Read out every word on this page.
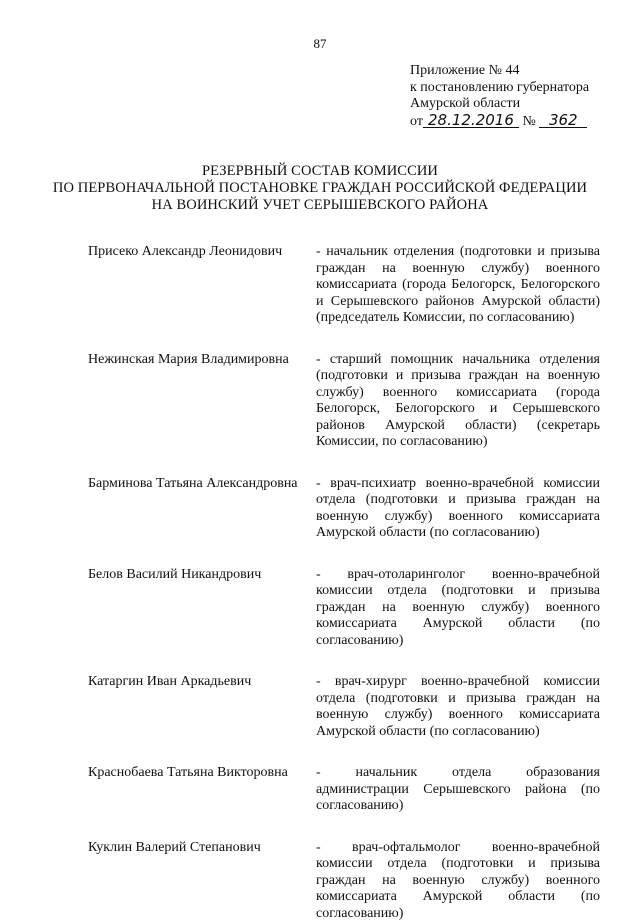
87
Приложение № 44
к постановлению губернатора
Амурской области
от 28.12.2016 № 362
РЕЗЕРВНЫЙ СОСТАВ КОМИССИИ
ПО ПЕРВОНАЧАЛЬНОЙ ПОСТАНОВКЕ ГРАЖДАН РОССИЙСКОЙ ФЕДЕРАЦИИ
НА ВОИНСКИЙ УЧЕТ СЕРЫШЕВСКОГО РАЙОНА
Присеко Александр Леонидович	- начальник отделения (подготовки и призыва граждан на военную службу) военного комиссариата (города Белогорск, Белогорского и Серышевского районов Амурской области) (председатель Комиссии, по согласованию)
Нежинская Мария Владимировна	- старший помощник начальника отделения (подготовки и призыва граждан на военную службу) военного комиссариата (города Белогорск, Белогорского и Серышевского районов Амурской области) (секретарь Комиссии, по согласованию)
Барминова Татьяна Александровна	- врач-психиатр военно-врачебной комиссии отдела (подготовки и призыва граждан на военную службу) военного комиссариата Амурской области (по согласованию)
Белов Василий Никандрович	- врач-отоларинголог военно-врачебной комиссии отдела (подготовки и призыва граждан на военную службу) военного комиссариата Амурской области (по согласованию)
Катаргин Иван Аркадьевич	- врач-хирург военно-врачебной комиссии отдела (подготовки и призыва граждан на военную службу) военного комиссариата Амурской области (по согласованию)
Краснобаева Татьяна Викторовна	- начальник отдела образования администрации Серышевского района (по согласованию)
Куклин Валерий Степанович	- врач-офтальмолог военно-врачебной комиссии отдела (подготовки и призыва граждан на военную службу) военного комиссариата Амурской области (по согласованию)
